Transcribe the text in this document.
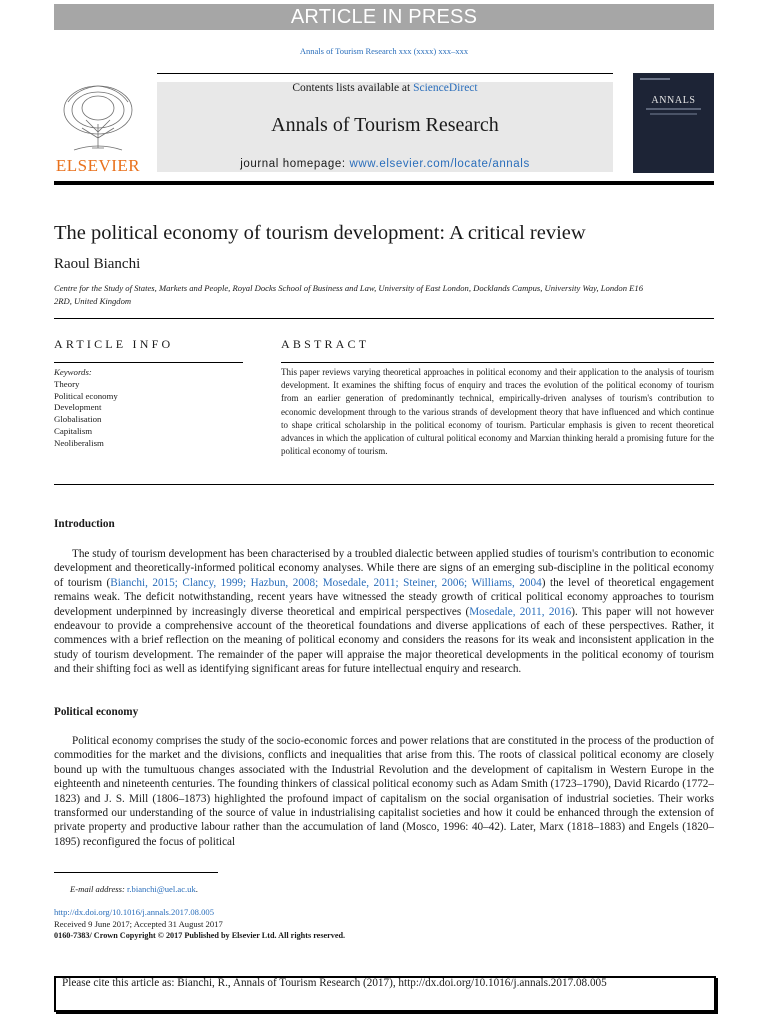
ARTICLE IN PRESS
Annals of Tourism Research xxx (xxxx) xxx–xxx
ELSEVIER
Contents lists available at ScienceDirect
Annals of Tourism Research
journal homepage: www.elsevier.com/locate/annals
ANNALS
The political economy of tourism development: A critical review
Raoul Bianchi
Centre for the Study of States, Markets and People, Royal Docks School of Business and Law, University of East London, Docklands Campus, University Way, London E16 2RD, United Kingdom
ARTICLE INFO
Keywords:
Theory
Political economy
Development
Globalisation
Capitalism
Neoliberalism
ABSTRACT
This paper reviews varying theoretical approaches in political economy and their application to the analysis of tourism development. It examines the shifting focus of enquiry and traces the evolution of the political economy of tourism from an earlier generation of predominantly technical, empirically-driven analyses of tourism's contribution to economic development through to the various strands of development theory that have influenced and which continue to shape critical scholarship in the political economy of tourism. Particular emphasis is given to recent theoretical advances in which the application of cultural political economy and Marxian thinking herald a promising future for the political economy of tourism.
Introduction

The study of tourism development has been characterised by a troubled dialectic between applied studies of tourism's contribution to economic development and theoretically-informed political economy analyses. While there are signs of an emerging sub-discipline in the political economy of tourism (Bianchi, 2015; Clancy, 1999; Hazbun, 2008; Mosedale, 2011; Steiner, 2006; Williams, 2004) the level of theoretical engagement remains weak. The deficit notwithstanding, recent years have witnessed the steady growth of critical political economy approaches to tourism development underpinned by increasingly diverse theoretical and empirical perspectives (Mosedale, 2011, 2016). This paper will not however endeavour to provide a comprehensive account of the theoretical foundations and diverse applications of each of these perspectives. Rather, it commences with a brief reflection on the meaning of political economy and considers the reasons for its weak and inconsistent application in the study of tourism development. The remainder of the paper will appraise the major theoretical developments in the political economy of tourism and their shifting foci as well as identifying significant areas for future intellectual enquiry and research.

Political economy

Political economy comprises the study of the socio-economic forces and power relations that are constituted in the process of the production of commodities for the market and the divisions, conflicts and inequalities that arise from this. The roots of classical political economy are closely bound up with the tumultuous changes associated with the Industrial Revolution and the development of capitalism in Western Europe in the eighteenth and nineteenth centuries. The founding thinkers of classical political economy such as Adam Smith (1723–1790), David Ricardo (1772–1823) and J. S. Mill (1806–1873) highlighted the profound impact of capitalism on the social organisation of industrial societies. Their works transformed our understanding of the source of value in industrialising capitalist societies and how it could be enhanced through the extension of private property and productive labour rather than the accumulation of land (Mosco, 1996: 40–42). Later, Marx (1818–1883) and Engels (1820–1895) reconfigured the focus of political

E-mail address: r.bianchi@uel.ac.uk.
http://dx.doi.org/10.1016/j.annals.2017.08.005
Received 9 June 2017; Accepted 31 August 2017
0160-7383/ Crown Copyright © 2017 Published by Elsevier Ltd. All rights reserved.
Please cite this article as: Bianchi, R., Annals of Tourism Research (2017), http://dx.doi.org/10.1016/j.annals.2017.08.005
